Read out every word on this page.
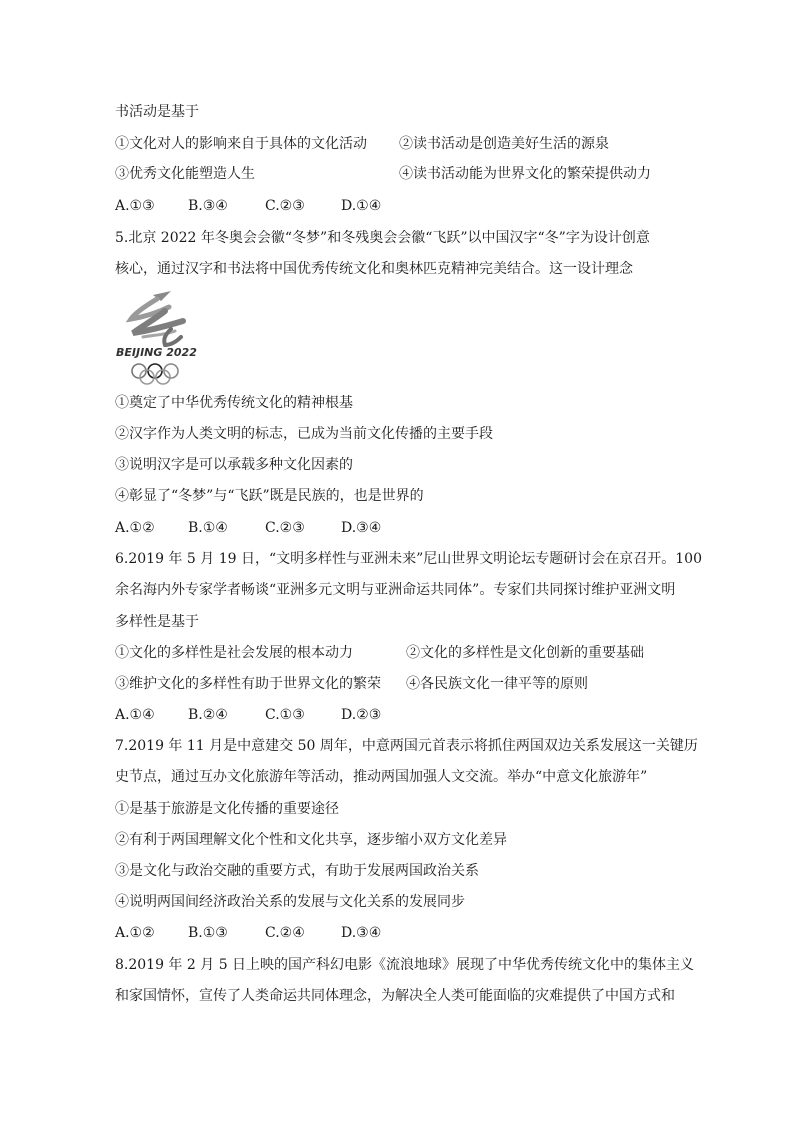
书活动是基于
①文化对人的影响来自于具体的文化活动 ②读书活动是创造美好生活的源泉
③优秀文化能塑造人生	④读书活动能为世界文化的繁荣提供动力
A.①③ B.③④	C.②③	D.①④
5.北京 2022 年冬奥会会徽“冬梦”和冬残奥会会徽“飞跃”以中国汉字“冬”字为设计创意
核心，通过汉字和书法将中国优秀传统文化和奥林匹克精神完美结合。这一设计理念
BEIJING 2022
①奠定了中华优秀传统文化的精神根基
②汉字作为人类文明的标志，已成为当前文化传播的主要手段
③说明汉字是可以承载多种文化因素的
④彰显了“冬梦”与“飞跃”既是民族的，也是世界的
A.①② B.①④	C.②③	D.③④
6.2019 年 5 月 19 日，“文明多样性与亚洲未来”尼山世界文明论坛专题研讨会在京召开。100
余名海内外专家学者畅谈“亚洲多元文明与亚洲命运共同体”。专家们共同探讨维护亚洲文明
多样性是基于
①文化的多样性是社会发展的根本动力	②文化的多样性是文化创新的重要基础
③维护文化的多样性有助于世界文化的繁荣 ④各民族文化一律平等的原则
A.①④ B.②④	C.①③	D.②③
7.2019 年 11 月是中意建交 50 周年，中意两国元首表示将抓住两国双边关系发展这一关键历
史节点，通过互办文化旅游年等活动，推动两国加强人文交流。举办“中意文化旅游年”
①是基于旅游是文化传播的重要途径
②有利于两国理解文化个性和文化共享，逐步缩小双方文化差异
③是文化与政治交融的重要方式，有助于发展两国政治关系
④说明两国间经济政治关系的发展与文化关系的发展同步
A.①② B.①③	C.②④	D.③④
8.2019 年 2 月 5 日上映的国产科幻电影《流浪地球》展现了中华优秀传统文化中的集体主义
和家国情怀，宣传了人类命运共同体理念，为解决全人类可能面临的灾难提供了中国方式和
